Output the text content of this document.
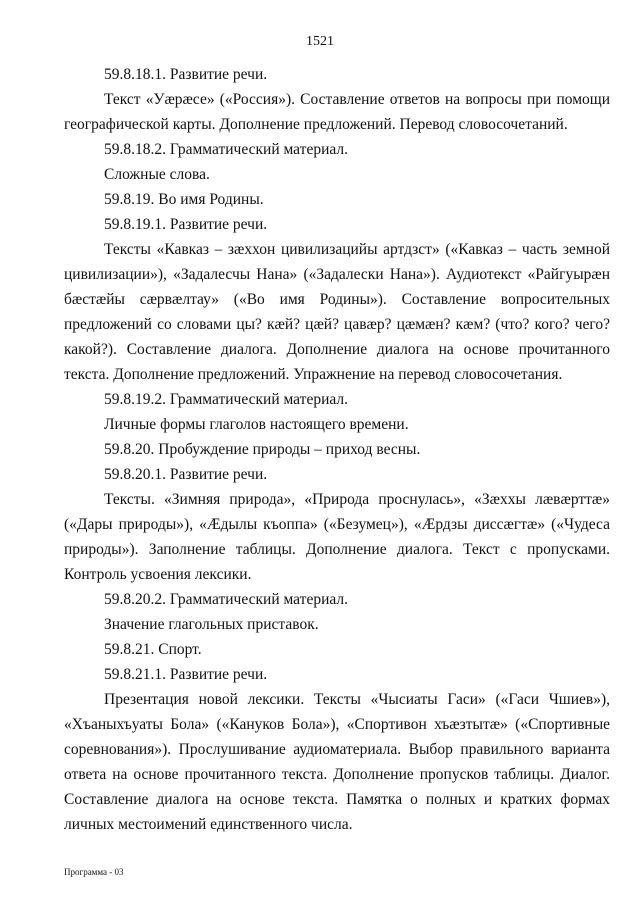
1521

59.8.18.1. Развитие речи.

Текст «Уæрæсе» («Россия»). Составление ответов на вопросы при помощи географической карты. Дополнение предложений. Перевод словосочетаний.

59.8.18.2. Грамматический материал.

Сложные слова.

59.8.19. Во имя Родины.

59.8.19.1. Развитие речи.

Тексты «Кавказ – зæххон цивилизацийы артдзст» («Кавказ – часть земной цивилизации»), «Задалесчы Нана» («Задалески Нана»). Аудиотекст «Райгуырæн бæстæйы сæрвæлтау» («Во имя Родины»). Составление вопросительных предложений со словами цы? кæй? цæй? цавæр? цæмæн? кæм? (что? кого? чего? какой?). Составление диалога. Дополнение диалога на основе прочитанного текста. Дополнение предложений. Упражнение на перевод словосочетания.

59.8.19.2. Грамматический материал.

Личные формы глаголов настоящего времени.

59.8.20. Пробуждение природы – приход весны.

59.8.20.1. Развитие речи.

Тексты. «Зимняя природа», «Природа проснулась», «Зæххы лæвæрттæ» («Дары природы»), «Æдылы къоппа» («Безумец»), «Æрдзы диссæгтæ» («Чудеса природы»). Заполнение таблицы. Дополнение диалога. Текст с пропусками. Контроль усвоения лексики.

59.8.20.2. Грамматический материал.

Значение глагольных приставок.

59.8.21. Спорт.

59.8.21.1. Развитие речи.

Презентация новой лексики. Тексты «Чысиаты Гаси» («Гаси Чшиев»), «Хъаныхъуаты Бола» («Кануков Бола»), «Спортивон хъæзтытæ» («Спортивные соревнования»). Прослушивание аудиоматериала. Выбор правильного варианта ответа на основе прочитанного текста. Дополнение пропусков таблицы. Диалог. Составление диалога на основе текста. Памятка о полных и кратких формах личных местоимений единственного числа.

Программа - 03
